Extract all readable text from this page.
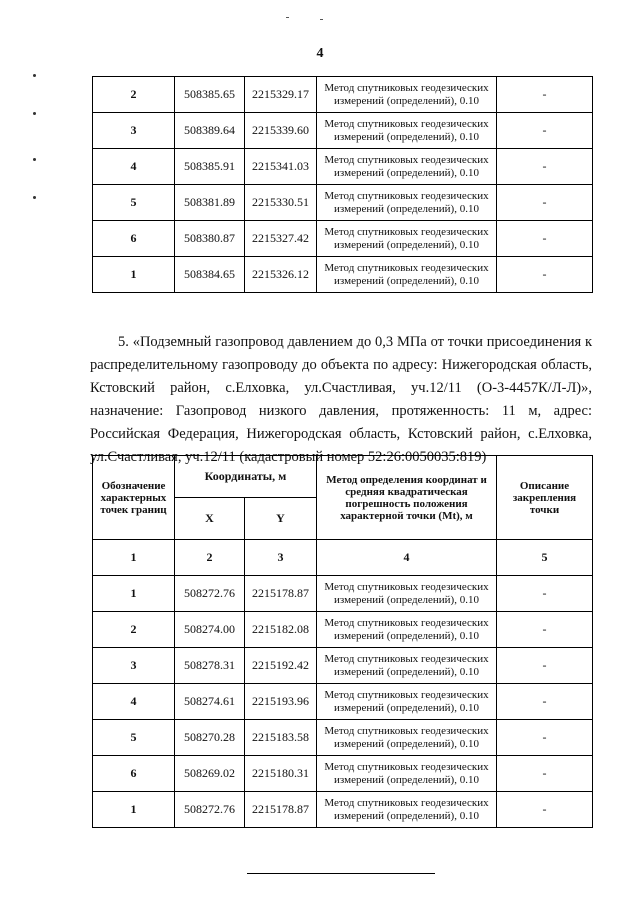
4
2	508385.65	2215329.17	Метод спутниковых геодезических измерений (определений), 0.10	-
3	508389.64	2215339.60	Метод спутниковых геодезических измерений (определений), 0.10	-
4	508385.91	2215341.03	Метод спутниковых геодезических измерений (определений), 0.10	-
5	508381.89	2215330.51	Метод спутниковых геодезических измерений (определений), 0.10	-
6	508380.87	2215327.42	Метод спутниковых геодезических измерений (определений), 0.10	-
1	508384.65	2215326.12	Метод спутниковых геодезических измерений (определений), 0.10	-

5. «Подземный газопровод давлением до 0,3 МПа от точки присоединения к распределительному газопроводу до объекта по адресу: Нижегородская область, Кстовский район, с.Елховка, ул.Счастливая, уч.12/11 (О-3-4457К/Л-Л)», назначение: Газопровод низкого давления, протяженность: 11 м, адрес: Российская Федерация, Нижегородская область, Кстовский район, с.Елховка, ул.Счастливая, уч.12/11 (кадастровый номер 52:26:0050035:819)

Обозначение характерных точек границ	Координаты, м		Метод определения координат и средняя квадратическая погрешность положения характерной точки (Mt), м	Описание закрепления точки
	X	Y		
1	2	3	4	5
1	508272.76	2215178.87	Метод спутниковых геодезических измерений (определений), 0.10	-
2	508274.00	2215182.08	Метод спутниковых геодезических измерений (определений), 0.10	-
3	508278.31	2215192.42	Метод спутниковых геодезических измерений (определений), 0.10	-
4	508274.61	2215193.96	Метод спутниковых геодезических измерений (определений), 0.10	-
5	508270.28	2215183.58	Метод спутниковых геодезических измерений (определений), 0.10	-
6	508269.02	2215180.31	Метод спутниковых геодезических измерений (определений), 0.10	-
1	508272.76	2215178.87	Метод спутниковых геодезических измерений (определений), 0.10	-
